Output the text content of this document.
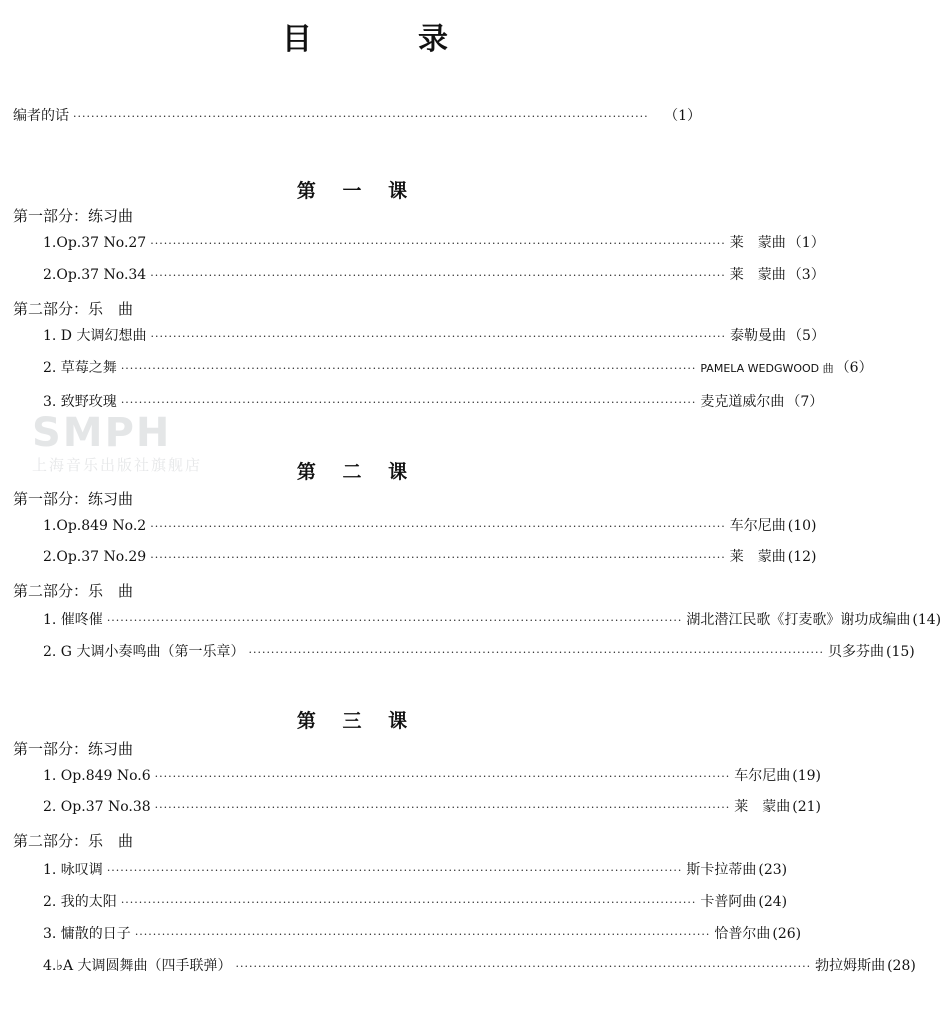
目　录
SMPH
上海音乐出版社旗舰店
编者的话 ································································································································	（1）
第 一 课
第一部分：练习曲
1.Op.37 No.27 ································································································································ 莱　蒙曲 （1）
2.Op.37 No.34 ································································································································ 莱　蒙曲 （3）
第二部分：乐　曲
1. D 大调幻想曲 ································································································································ 泰勒曼曲 （5）
2. 草莓之舞 ································································································································ PAMELA WEDGWOOD 曲 （6）
3. 致野玫瑰 ································································································································ 麦克道威尔曲 （7）
第 二 课
第一部分：练习曲
1.Op.849 No.2 ································································································································ 车尔尼曲 (10)
2.Op.37 No.29 ································································································································ 莱　蒙曲 (12)
第二部分：乐　曲
1. 催咚催 ································································································································ 湖北潜江民歌《打麦歌》谢功成编曲 (14)
2. G 大调小奏鸣曲（第一乐章） ································································································································ 贝多芬曲 (15)
第 三 课
第一部分：练习曲
1. Op.849 No.6 ································································································································ 车尔尼曲 (19)
2. Op.37 No.38 ································································································································ 莱　蒙曲 (21)
第二部分：乐　曲
1. 咏叹调 ································································································································ 斯卡拉蒂曲 (23)
2. 我的太阳 ································································································································ 卡普阿曲 (24)
3. 慵散的日子 ································································································································ 恰普尔曲 (26)
4.♭A 大调圆舞曲（四手联弹） ································································································································ 勃拉姆斯曲 (28)
